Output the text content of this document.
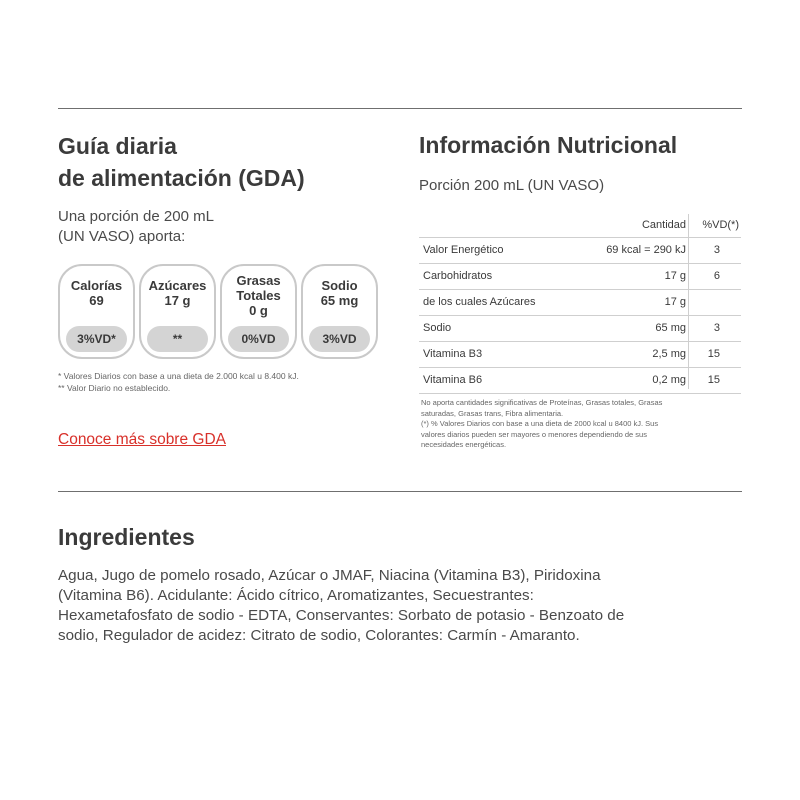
Guía diaria
de alimentación (GDA)
Una porción de 200 mL
(UN VASO) aporta:
Calorías
69
3%VD*
Azúcares
17 g
**
Grasas
Totales
0 g
0%VD
Sodio
65 mg
3%VD
* Valores Diarios con base a una dieta de 2.000 kcal u 8.400 kJ.
** Valor Diario no establecido.
Conoce más sobre GDA
Información Nutricional
Porción 200 mL (UN VASO)
Cantidad %VD(*)
Valor Energético	69 kcal = 290 kJ	3
Carbohidratos	17 g	6
de los cuales Azúcares	17 g
Sodio	65 mg	3
Vitamina B3	2,5 mg 15
Vitamina B6	0,2 mg 15
No aporta cantidades significativas de Proteínas, Grasas totales, Grasas
saturadas, Grasas trans, Fibra alimentaria.
(*) % Valores Diarios con base a una dieta de 2000 kcal u 8400 kJ. Sus
valores diarios pueden ser mayores o menores dependiendo de sus
necesidades energéticas.
Ingredientes
Agua, Jugo de pomelo rosado, Azúcar o JMAF, Niacina (Vitamina B3), Piridoxina
(Vitamina B6). Acidulante: Ácido cítrico, Aromatizantes, Secuestrantes:
Hexametafosfato de sodio - EDTA, Conservantes: Sorbato de potasio - Benzoato de
sodio, Regulador de acidez: Citrato de sodio, Colorantes: Carmín - Amaranto.
